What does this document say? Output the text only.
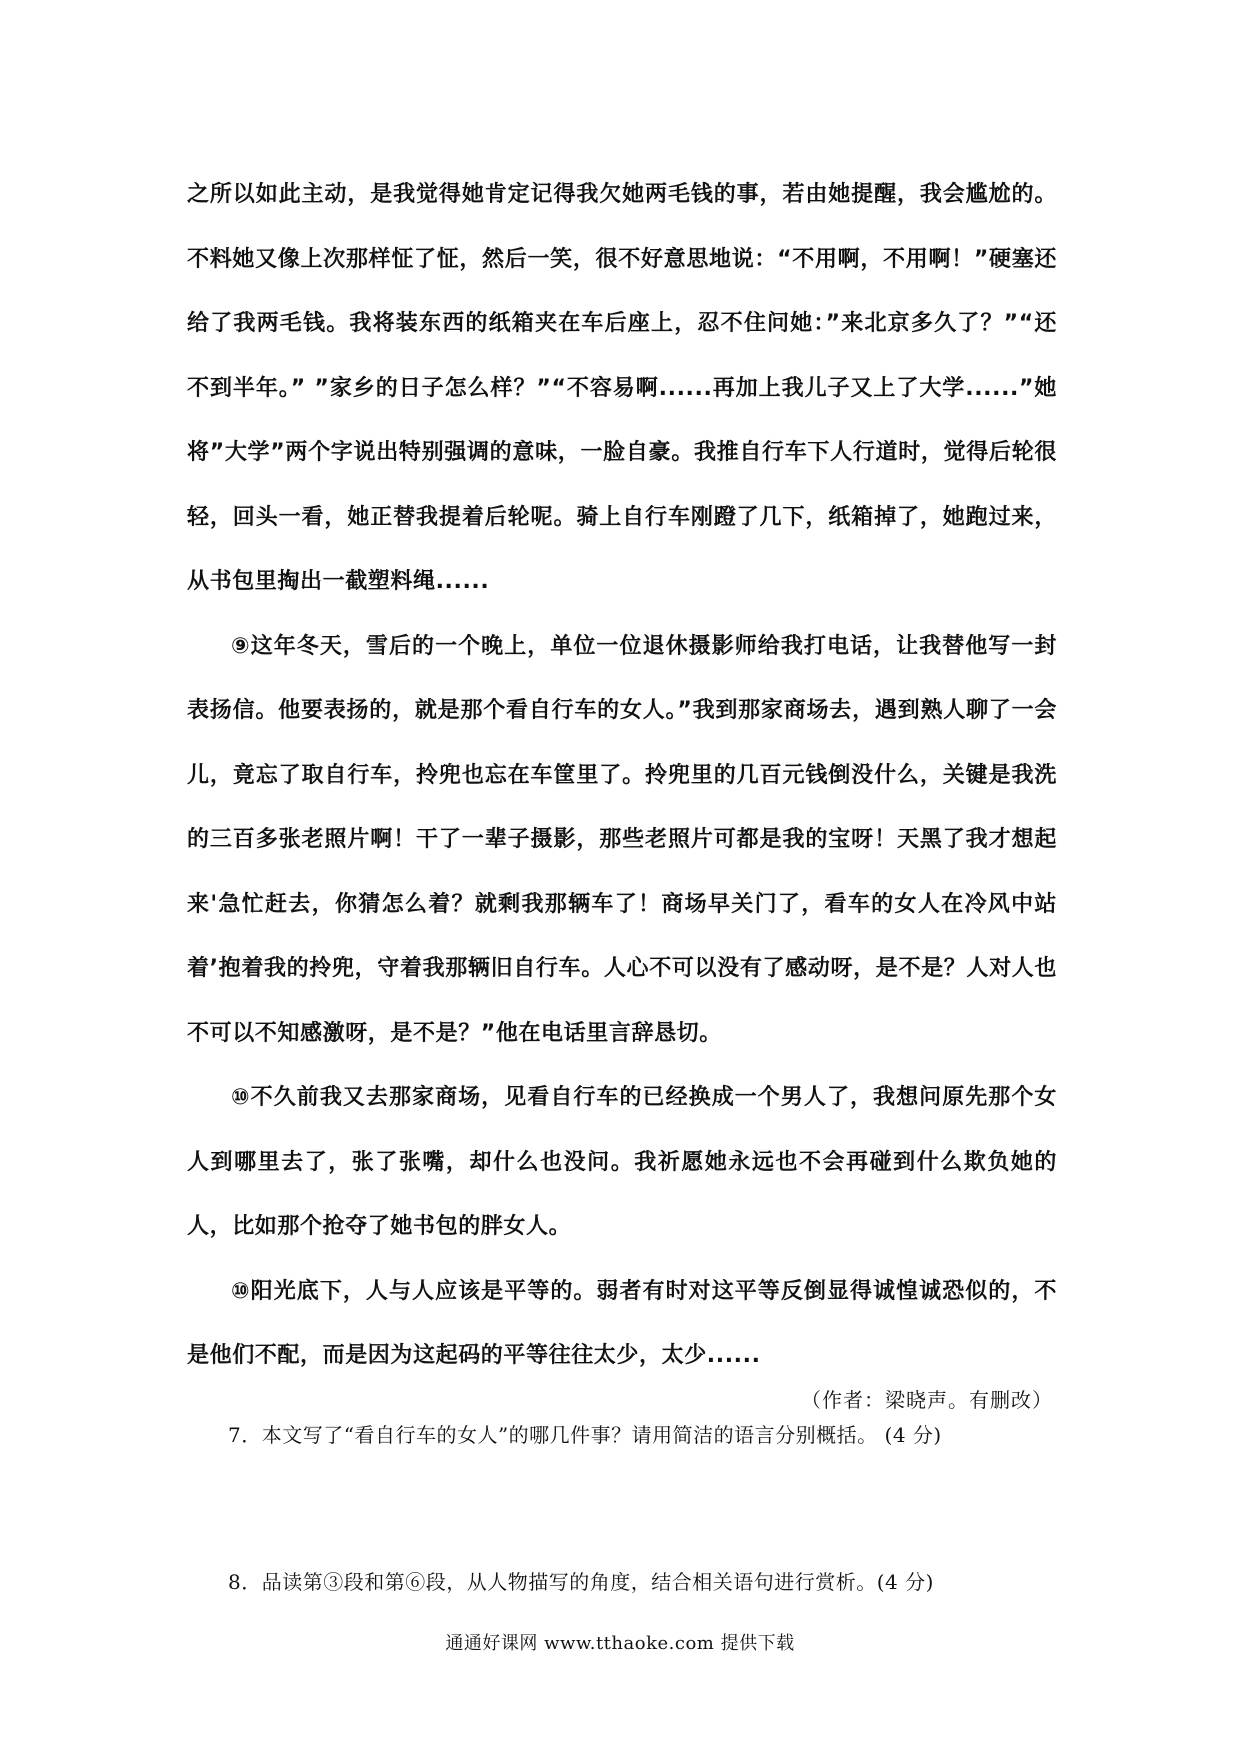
之所以如此主动，是我觉得她肯定记得我欠她两毛钱的事，若由她提醒，我会尴尬的。不料她又像上次那样怔了怔，然后一笑，很不好意思地说：“不用啊，不用啊！”硬塞还给了我两毛钱。我将装东西的纸箱夹在车后座上，忍不住问她：”来北京多久了？”“还不到半年。” ”家乡的日子怎么样？”“不容易啊......再加上我儿子又上了大学......”她将”大学”两个字说出特别强调的意味，一脸自豪。我推自行车下人行道时，觉得后轮很轻，回头一看，她正替我提着后轮呢。骑上自行车刚蹬了几下，纸箱掉了，她跑过来，从书包里掏出一截塑料绳......

⑨这年冬天，雪后的一个晚上，单位一位退休摄影师给我打电话，让我替他写一封表扬信。他要表扬的，就是那个看自行车的女人。”我到那家商场去，遇到熟人聊了一会儿，竟忘了取自行车，拎兜也忘在车筐里了。拎兜里的几百元钱倒没什么，关键是我洗的三百多张老照片啊！干了一辈子摄影，那些老照片可都是我的宝呀！天黑了我才想起来'急忙赶去，你猜怎么着？就剩我那辆车了！商场早关门了，看车的女人在冷风中站着’抱着我的拎兜，守着我那辆旧自行车。人心不可以没有了感动呀，是不是？人对人也不可以不知感激呀，是不是？”他在电话里言辞恳切。

⑩不久前我又去那家商场，见看自行车的已经换成一个男人了，我想问原先那个女人到哪里去了，张了张嘴，却什么也没问。我祈愿她永远也不会再碰到什么欺负她的人，比如那个抢夺了她书包的胖女人。

⑩阳光底下，人与人应该是平等的。弱者有时对这平等反倒显得诚惶诚恐似的，不是他们不配，而是因为这起码的平等往往太少，太少......

（作者：梁晓声。有删改）
7．本文写了“看自行车的女人”的哪几件事？请用简洁的语言分别概括。 (4 分)
8．品读第③段和第⑥段，从人物描写的角度，结合相关语句进行赏析。(4 分)
通通好课网 www.tthaoke.com 提供下载
